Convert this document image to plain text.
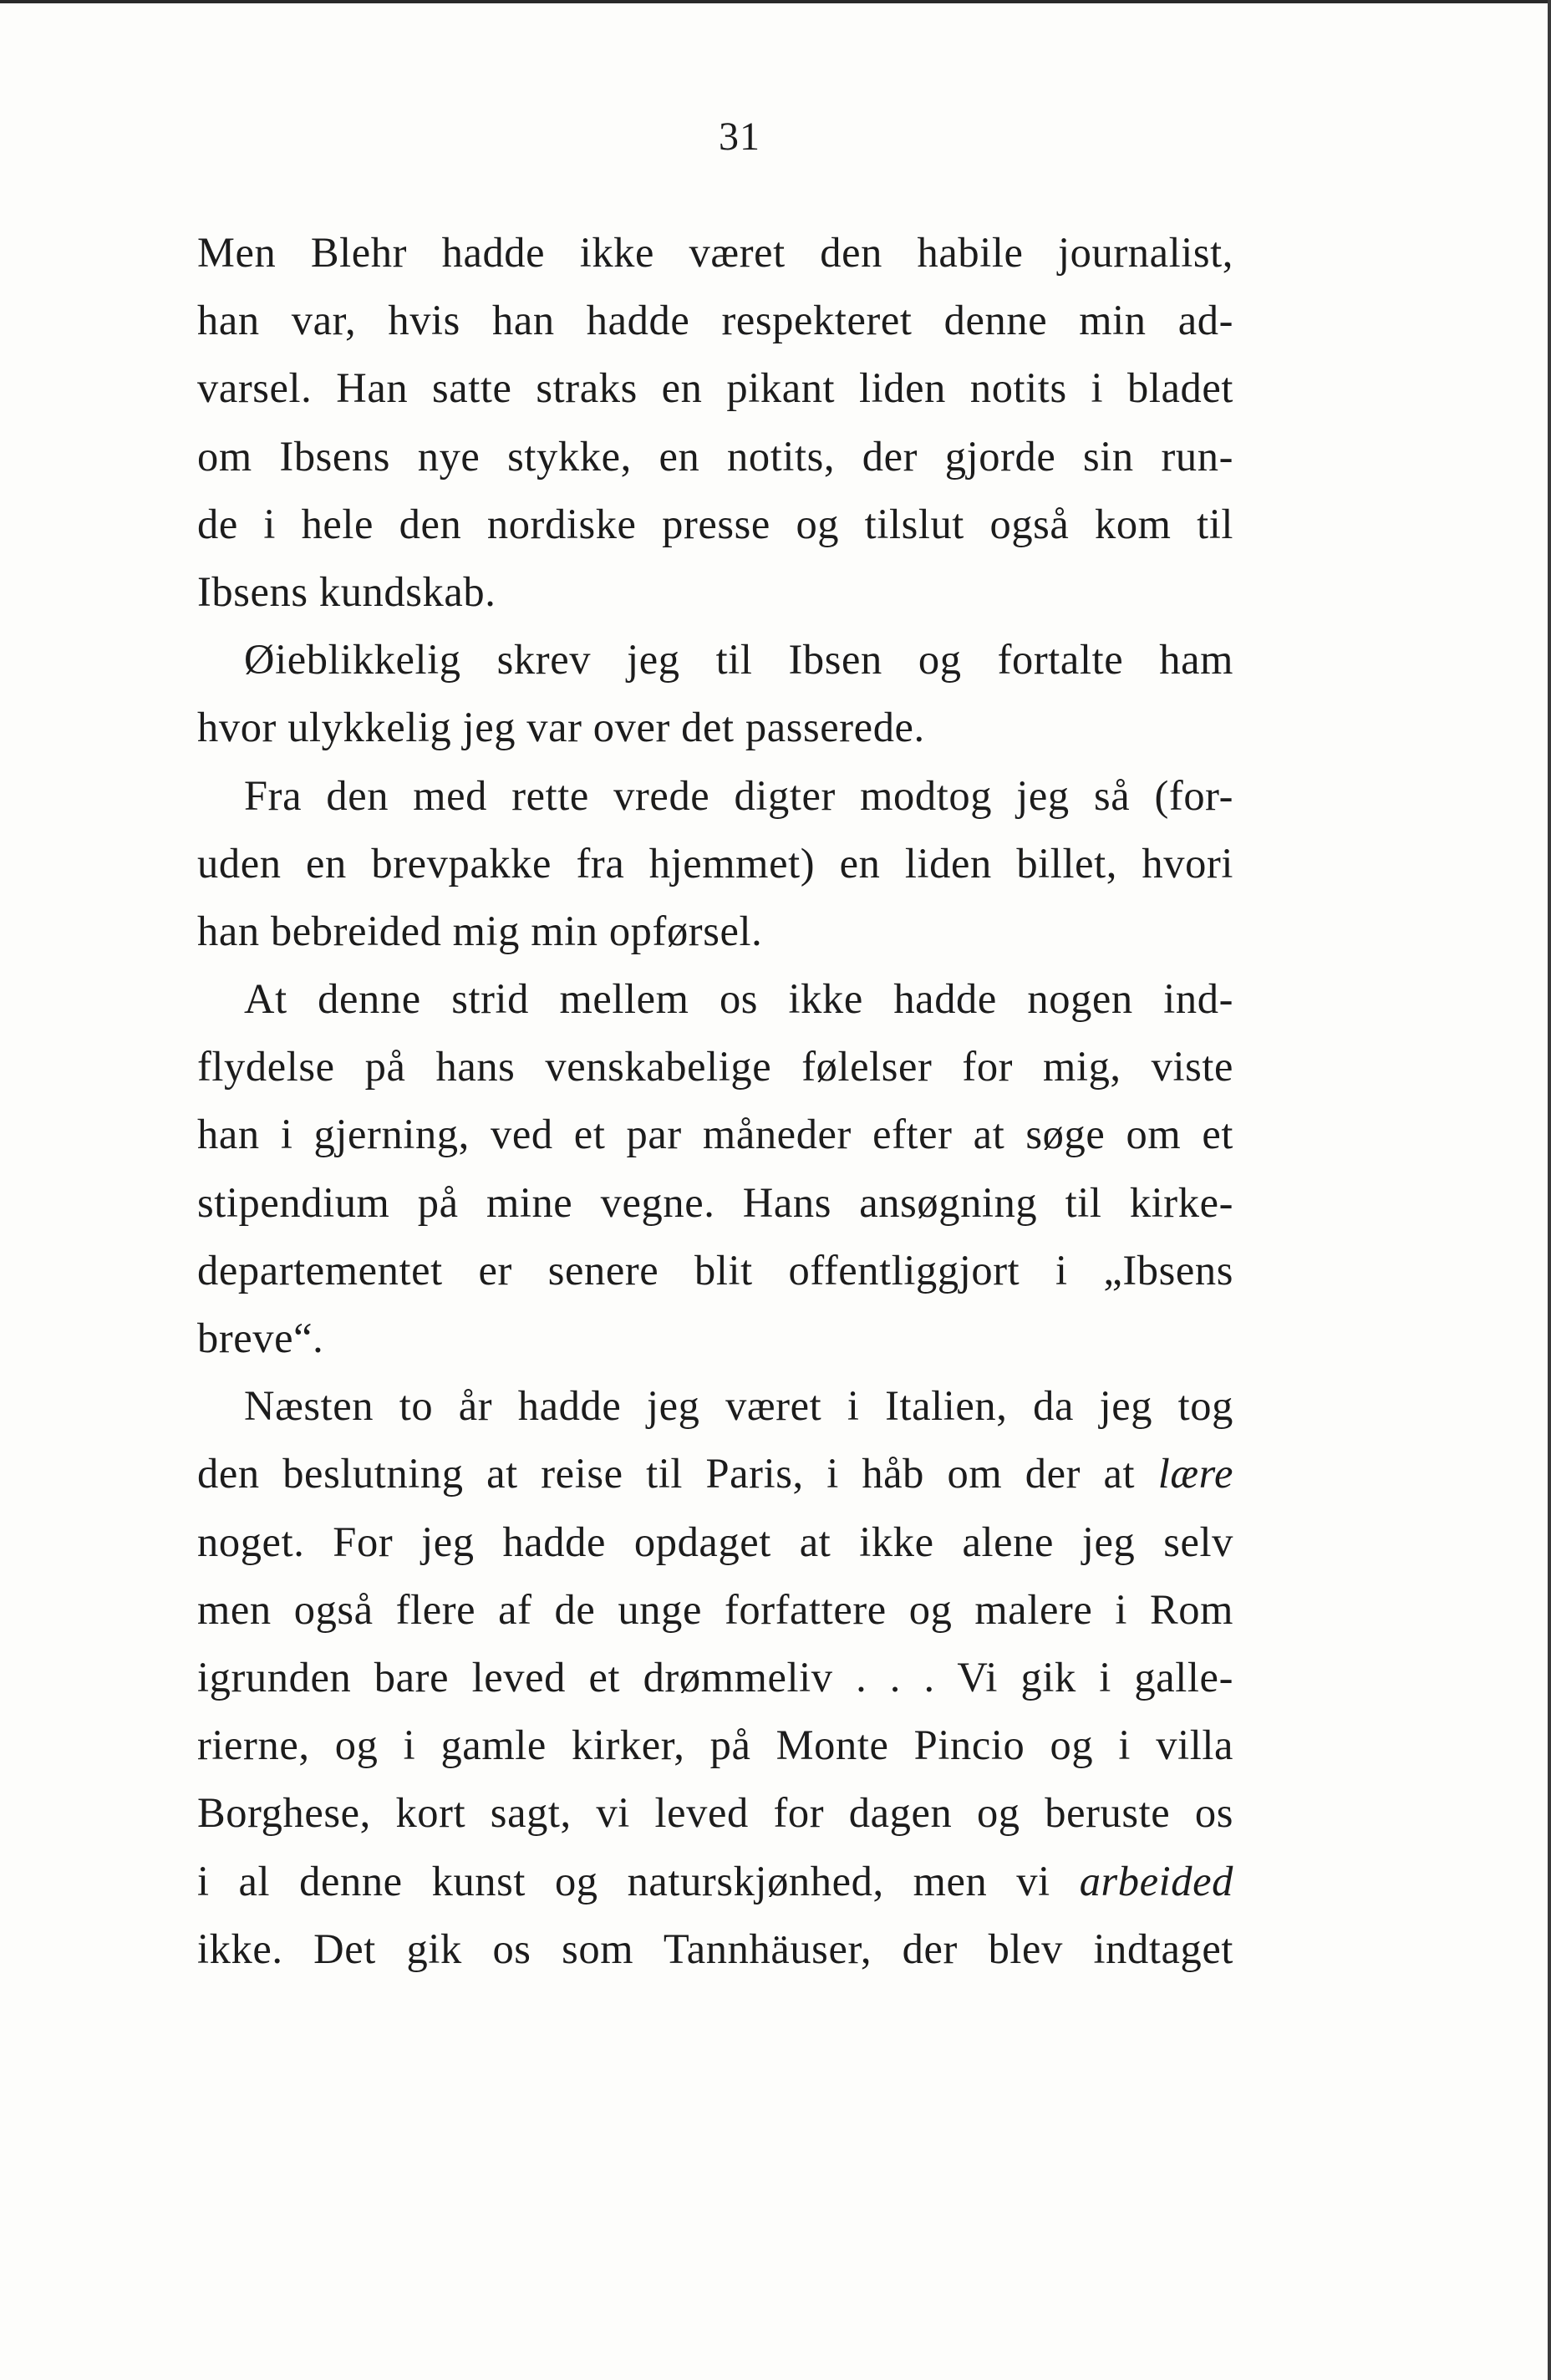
31
Men Blehr hadde ikke været den habile journalist,
han var, hvis han hadde respekteret denne min ad-
varsel. Han satte straks en pikant liden notits i bladet
om Ibsens nye stykke, en notits, der gjorde sin run-
de i hele den nordiske presse og tilslut også kom til
Ibsens kundskab.
Øieblikkelig skrev jeg til Ibsen og fortalte ham
hvor ulykkelig jeg var over det passerede.
Fra den med rette vrede digter modtog jeg så (for-
uden en brevpakke fra hjemmet) en liden billet, hvori
han bebreided mig min opførsel.
At denne strid mellem os ikke hadde nogen ind-
flydelse på hans venskabelige følelser for mig, viste
han i gjerning, ved et par måneder efter at søge om et
stipendium på mine vegne. Hans ansøgning til kirke-
departementet er senere blit offentliggjort i „Ibsens
breve“.
Næsten to år hadde jeg været i Italien, da jeg tog
den beslutning at reise til Paris, i håb om der at lære
noget. For jeg hadde opdaget at ikke alene jeg selv
men også flere af de unge forfattere og malere i Rom
igrunden bare leved et drømmeliv . . . Vi gik i galle-
rierne, og i gamle kirker, på Monte Pincio og i villa
Borghese, kort sagt, vi leved for dagen og beruste os
i al denne kunst og naturskjønhed, men vi arbeided
ikke. Det gik os som Tannhäuser, der blev indtaget
